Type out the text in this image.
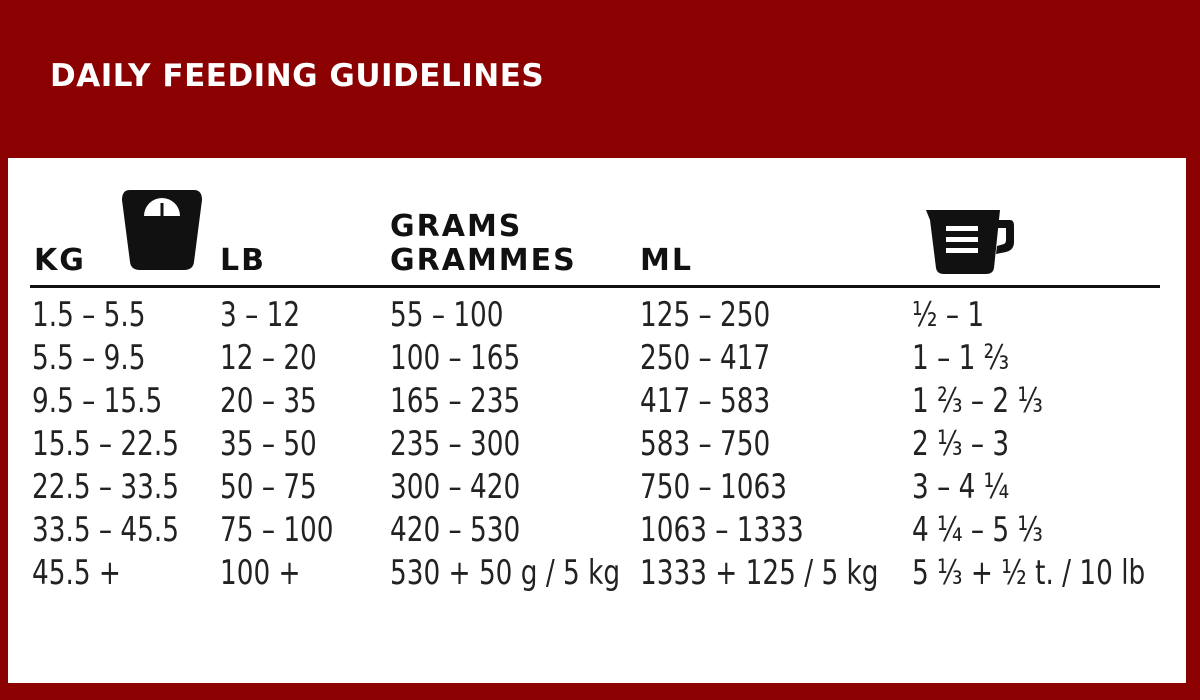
DAILY FEEDING GUIDELINES
KG	LB
GRAMS
GRAMMES ML
1.5 – 5.5
5.5 – 9.5
9.5 – 15.5
15.5 – 22.5
22.5 – 33.5
33.5 – 45.5
45.5 +
3 – 12
12 – 20
20 – 35
35 – 50
50 – 75
75 – 100
100 +
55 – 100
100 – 165
165 – 235
235 – 300
300 – 420
420 – 530
530 + 50 g / 5 kg
125 – 250
250 – 417
417 – 583
583 – 750
750 – 1063
1063 – 1333
1333 + 125 / 5 kg
½ – 1
1 – 1 ²⁄₃
1 ²⁄₃ – 2 ¹⁄₃
2 ¹⁄₃ – 3
3 – 4 ¹⁄₄
4 ¹⁄₄ – 5 ¹⁄₃
5 ¹⁄₃ + ½ t. / 10 lb
